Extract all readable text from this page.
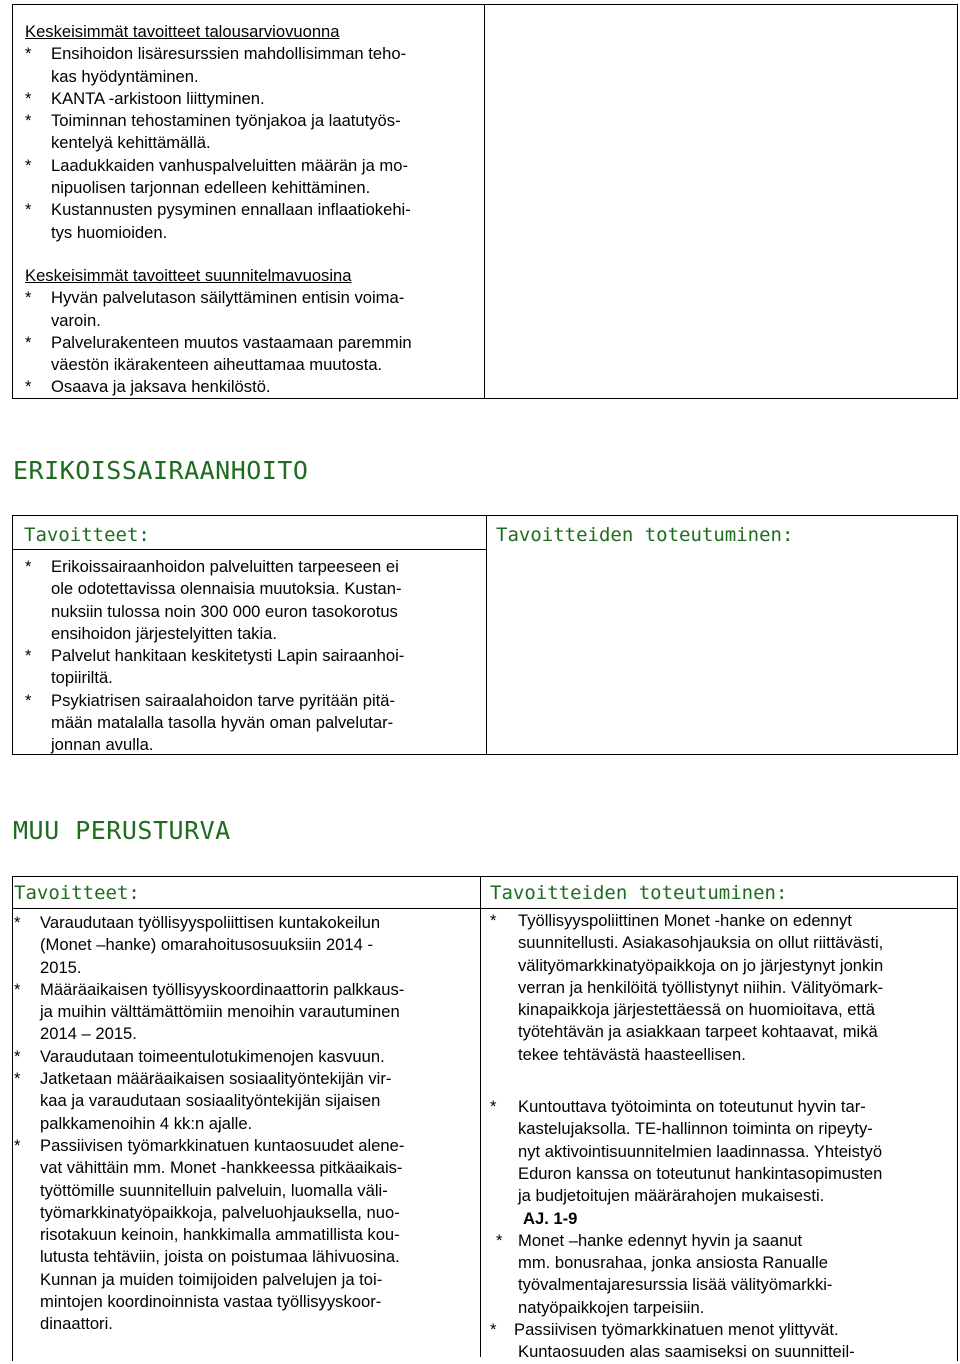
Keskeisimmät tavoitteet talousarviovuonna
* Ensihoidon lisäresurssien mahdollisimman teho-
kas hyödyntäminen.
* KANTA -arkistoon liittyminen.
* Toiminnan tehostaminen työnjakoa ja laatutyös-
kentelyä kehittämällä.
* Laadukkaiden vanhuspalveluitten määrän ja mo-
nipuolisen tarjonnan edelleen kehittäminen.
* Kustannusten pysyminen ennallaan inflaatiokehi-
tys huomioiden.
Keskeisimmät tavoitteet suunnitelmavuosina
* Hyvän palvelutason säilyttäminen entisin voima-
varoin.
* Palvelurakenteen muutos vastaamaan paremmin
väestön ikärakenteen aiheuttamaa muutosta.
* Osaava ja jaksava henkilöstö.
ERIKOISSAIRAANHOITO
Tavoitteet:	Tavoitteiden toteutuminen:
* Erikoissairaanhoidon palveluitten tarpeeseen ei
ole odotettavissa olennaisia muutoksia. Kustan-
nuksiin tulossa noin 300 000 euron tasokorotus
ensihoidon järjestelyitten takia.
* Palvelut hankitaan keskitetysti Lapin sairaanhoi-
topiiriltä.
* Psykiatrisen sairaalahoidon tarve pyritään pitä-
mään matalalla tasolla hyvän oman palvelutar-
jonnan avulla.
MUU PERUSTURVA
Tavoitteet:	Tavoitteiden toteutuminen:
* Varaudutaan työllisyyspoliittisen kuntakokeilun
(Monet –hanke) omarahoitusosuuksiin 2014 -
2015.
* Määräaikaisen työllisyyskoordinaattorin palkkaus-
ja muihin välttämättömiin menoihin varautuminen
2014 – 2015.
* Varaudutaan toimeentulotukimenojen kasvuun.
* Jatketaan määräaikaisen sosiaalityöntekijän vir-
kaa ja varaudutaan sosiaalityöntekijän sijaisen
palkkamenoihin 4 kk:n ajalle.
* Passiivisen työmarkkinatuen kuntaosuudet alene-
vat vähittäin mm. Monet -hankkeessa pitkäaikais-
työttömille suunnitelluin palveluin, luomalla väli-
työmarkkinatyöpaikkoja, palveluohjauksella, nuo-
risotakuun keinoin, hankkimalla ammatillista kou-
lutusta tehtäviin, joista on poistumaa lähivuosina.
Kunnan ja muiden toimijoiden palvelujen ja toi-
mintojen koordinoinnista vastaa työllisyyskoor-
dinaattori.
* Työllisyyspoliittinen Monet -hanke on edennyt
suunnitellusti. Asiakasohjauksia on ollut riittävästi,
välityömarkkinatyöpaikkoja on jo järjestynyt jonkin
verran ja henkilöitä työllistynyt niihin. Välityömark-
kinapaikkoja järjestettäessä on huomioitava, että
työtehtävän ja asiakkaan tarpeet kohtaavat, mikä
tekee tehtävästä haasteellisen.
* Kuntouttava työtoiminta on toteutunut hyvin tar-
kastelujaksolla. TE-hallinnon toiminta on ripeyty-
nyt aktivointisuunnitelmien laadinnassa. Yhteistyö
Eduron kanssa on toteutunut hankintasopimusten
ja budjetoitujen määrärahojen mukaisesti.
AJ. 1-9
* Monet –hanke edennyt hyvin ja saanut
mm. bonusrahaa, jonka ansiosta Ranualle
työvalmentajaresurssia lisää välityömarkki-
natyöpaikkojen tarpeisiin.
* Passiivisen työmarkkinatuen menot ylittyvät.
Kuntaosuuden alas saamiseksi on suunnitteil-
